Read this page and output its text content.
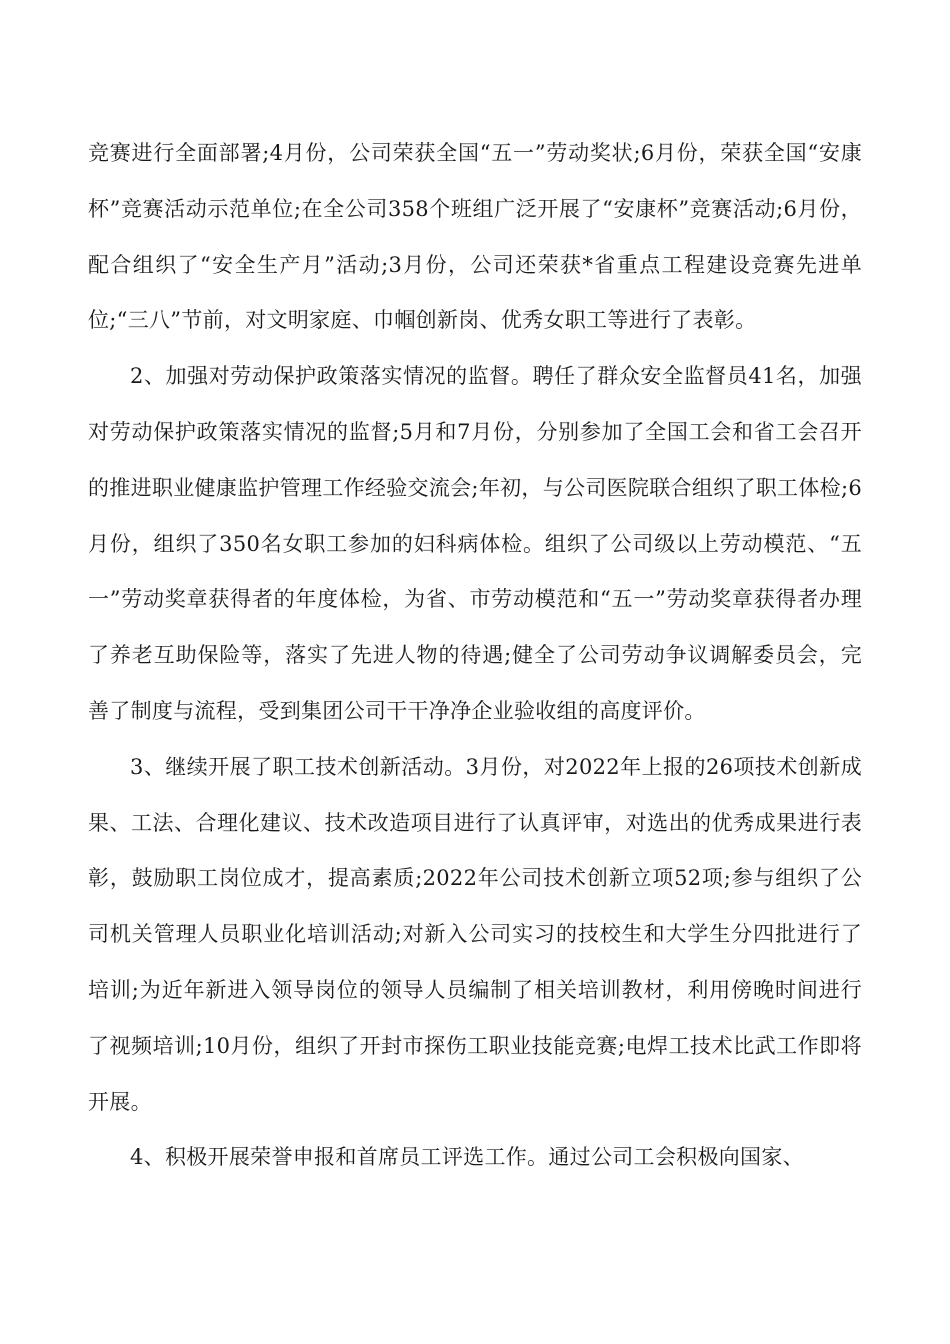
竞赛进行全面部署;4月份，公司荣获全国“五一”劳动奖状;6月份，荣获全国“安康杯”竞赛活动示范单位;在全公司358个班组广泛开展了“安康杯”竞赛活动;6月份，配合组织了“安全生产月”活动;3月份，公司还荣获*省重点工程建设竞赛先进单位;“三八”节前，对文明家庭、巾帼创新岗、优秀女职工等进行了表彰。

2、加强对劳动保护政策落实情况的监督。聘任了群众安全监督员41名，加强对劳动保护政策落实情况的监督;5月和7月份，分别参加了全国工会和省工会召开的推进职业健康监护管理工作经验交流会;年初，与公司医院联合组织了职工体检;6月份，组织了350名女职工参加的妇科病体检。组织了公司级以上劳动模范、“五一”劳动奖章获得者的年度体检，为省、市劳动模范和“五一”劳动奖章获得者办理了养老互助保险等，落实了先进人物的待遇;健全了公司劳动争议调解委员会，完善了制度与流程，受到集团公司干干净净企业验收组的高度评价。

3、继续开展了职工技术创新活动。3月份，对2022年上报的26项技术创新成果、工法、合理化建议、技术改造项目进行了认真评审，对选出的优秀成果进行表彰，鼓励职工岗位成才，提高素质;2022年公司技术创新立项52项;参与组织了公司机关管理人员职业化培训活动;对新入公司实习的技校生和大学生分四批进行了培训;为近年新进入领导岗位的领导人员编制了相关培训教材，利用傍晚时间进行了视频培训;10月份，组织了开封市探伤工职业技能竞赛;电焊工技术比武工作即将开展。

4、积极开展荣誉申报和首席员工评选工作。通过公司工会积极向国家、
